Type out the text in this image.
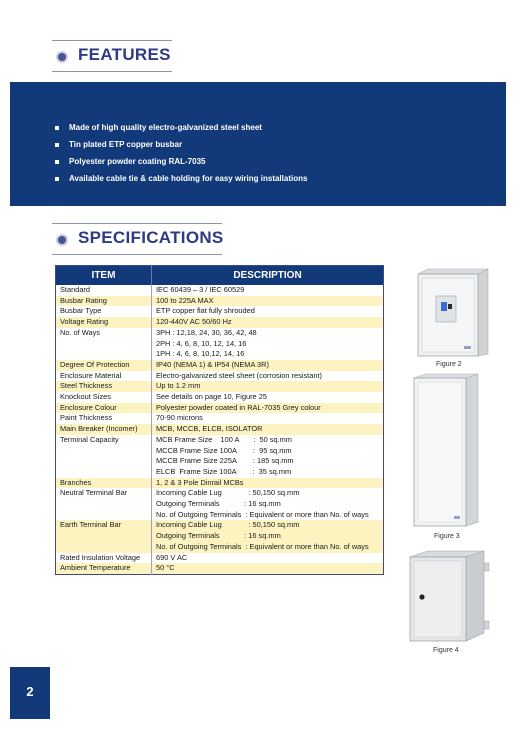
FEATURES
Made of high quality electro-galvanized steel sheet
Tin plated ETP copper busbar
Polyester powder coating RAL-7035
Available cable tie & cable holding for easy wiring installations
SPECIFICATIONS
ITEM	DESCRIPTION
Standard	IEC 60439 – 3 / IEC 60529
Busbar Rating	100 to 225A MAX
Busbar Type	ETP copper flat fully shrouded
Voltage Rating	120-440V AC 50/60 Hz
No. of Ways	3PH : 12,18, 24, 30, 36, 42, 48
	2PH : 4, 6, 8, 10, 12, 14, 16
	1PH : 4, 6, 8, 10,12, 14, 16
Degree Of Protection	IP40 (NEMA 1) & IP54 (NEMA 3R)
Enclosure Material	Electro-galvanized steel sheet (corrosion resistant)
Steel Thickness	Up to 1.2 mm
Knockout Sizes	See details on page 10, Figure 25
Enclosure Colour	Polyester powder coated in RAL-7035 Grey colour
Paint Thickness	70-90 microns
Main Breaker (Incomer)	MCB, MCCB, ELCB, ISOLATOR
Terminal Capacity	MCB Frame Size    100 A       :  50 sq.mm
	MCCB Frame Size 100A        :  95 sq.mm
	MCCB Frame Size 225A        : 185 sq.mm
	ELCB  Frame Size 100A        :  35 sq.mm
Branches	1, 2 & 3 Pole Dinrail MCBs
Neutral Terminal Bar	Incoming Cable Lug             : 50,150 sq.mm
	Outgoing Terminals            : 16 sq.mm
	No. of Outgoing Terminals  : Equivalent or more than No. of ways
Earth Terminal Bar	Incoming Cable Lug             : 50,150 sq.mm
	Outgoing Terminals            : 16 sq.mm
	No. of Outgoing Terminals  : Equivalent or more than No. of ways
Rated Insulation Voltage	690 V AC
Ambient Temperature	50 °C
Figure 2
Figure 3
Figure 4
2
